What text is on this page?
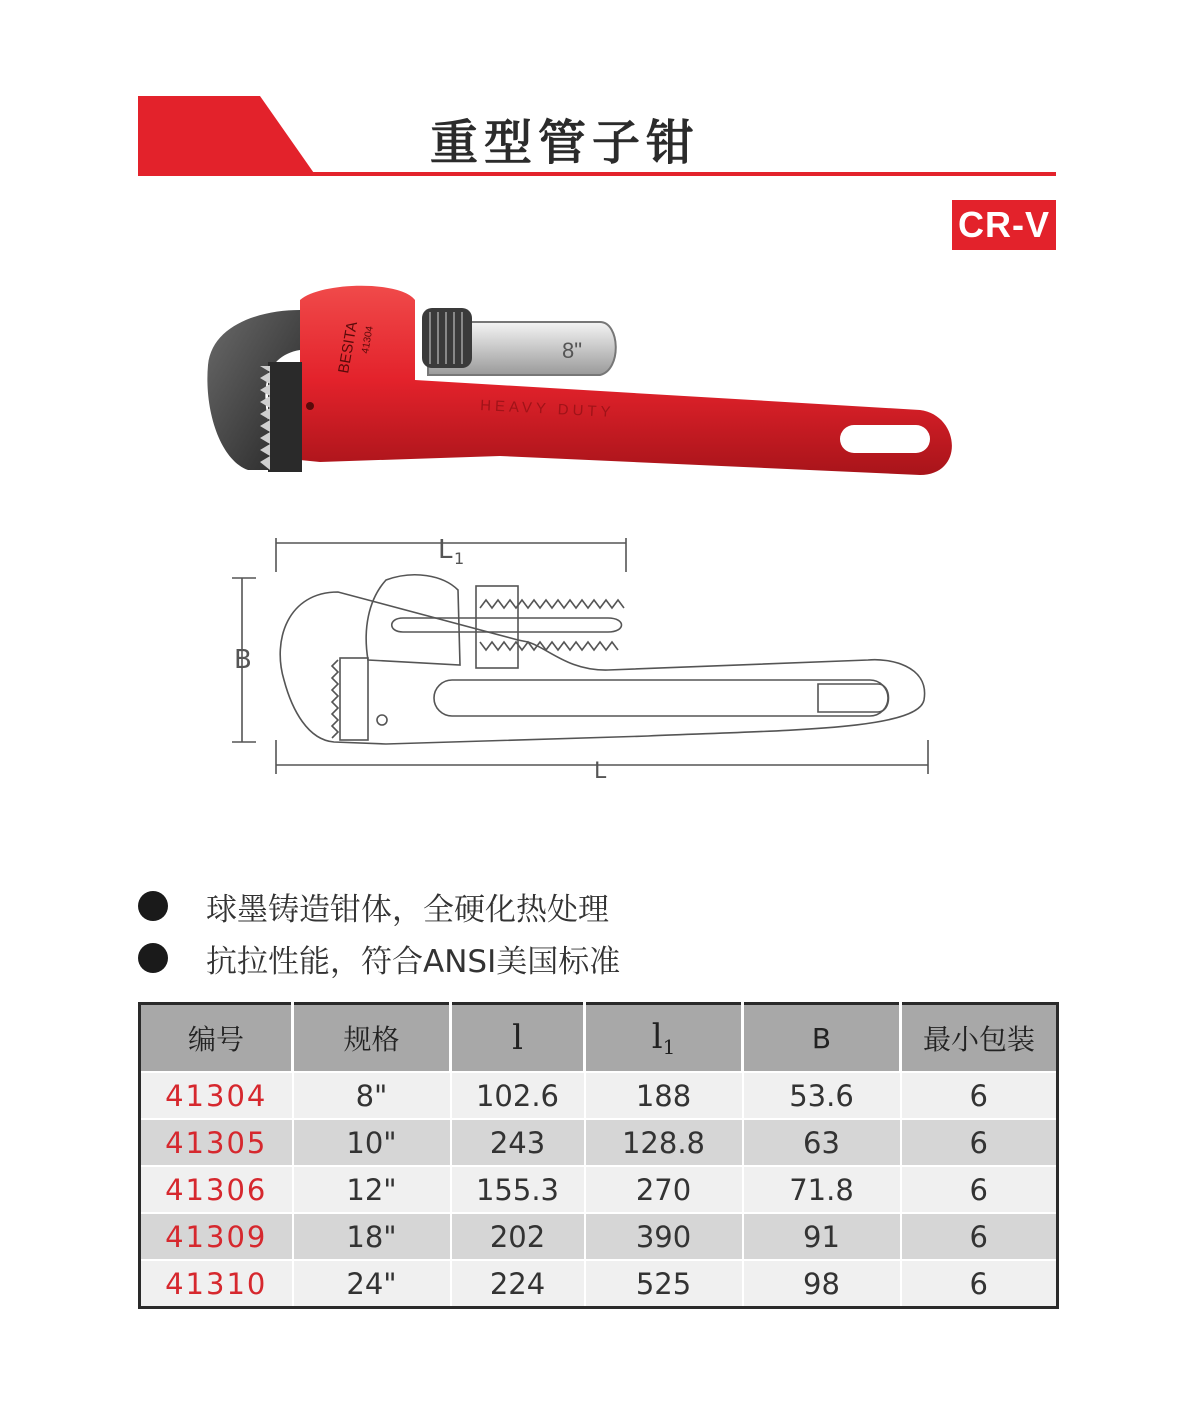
重型管子钳
CR-V
8"
BESITA 41304
HEAVY DUTY
L 1
B
L
球墨铸造钳体，全硬化热处理
抗拉性能，符合ANSI美国标准
编号	规格	l	$l_1$	B	最小包装
41304	8"	102.6	188	53.6	6
41305	10"	243	128.8	63	6
41306	12"	155.3	270	71.8	6
41309	18"	202	390	91	6
41310	24"	224	525	98	6
